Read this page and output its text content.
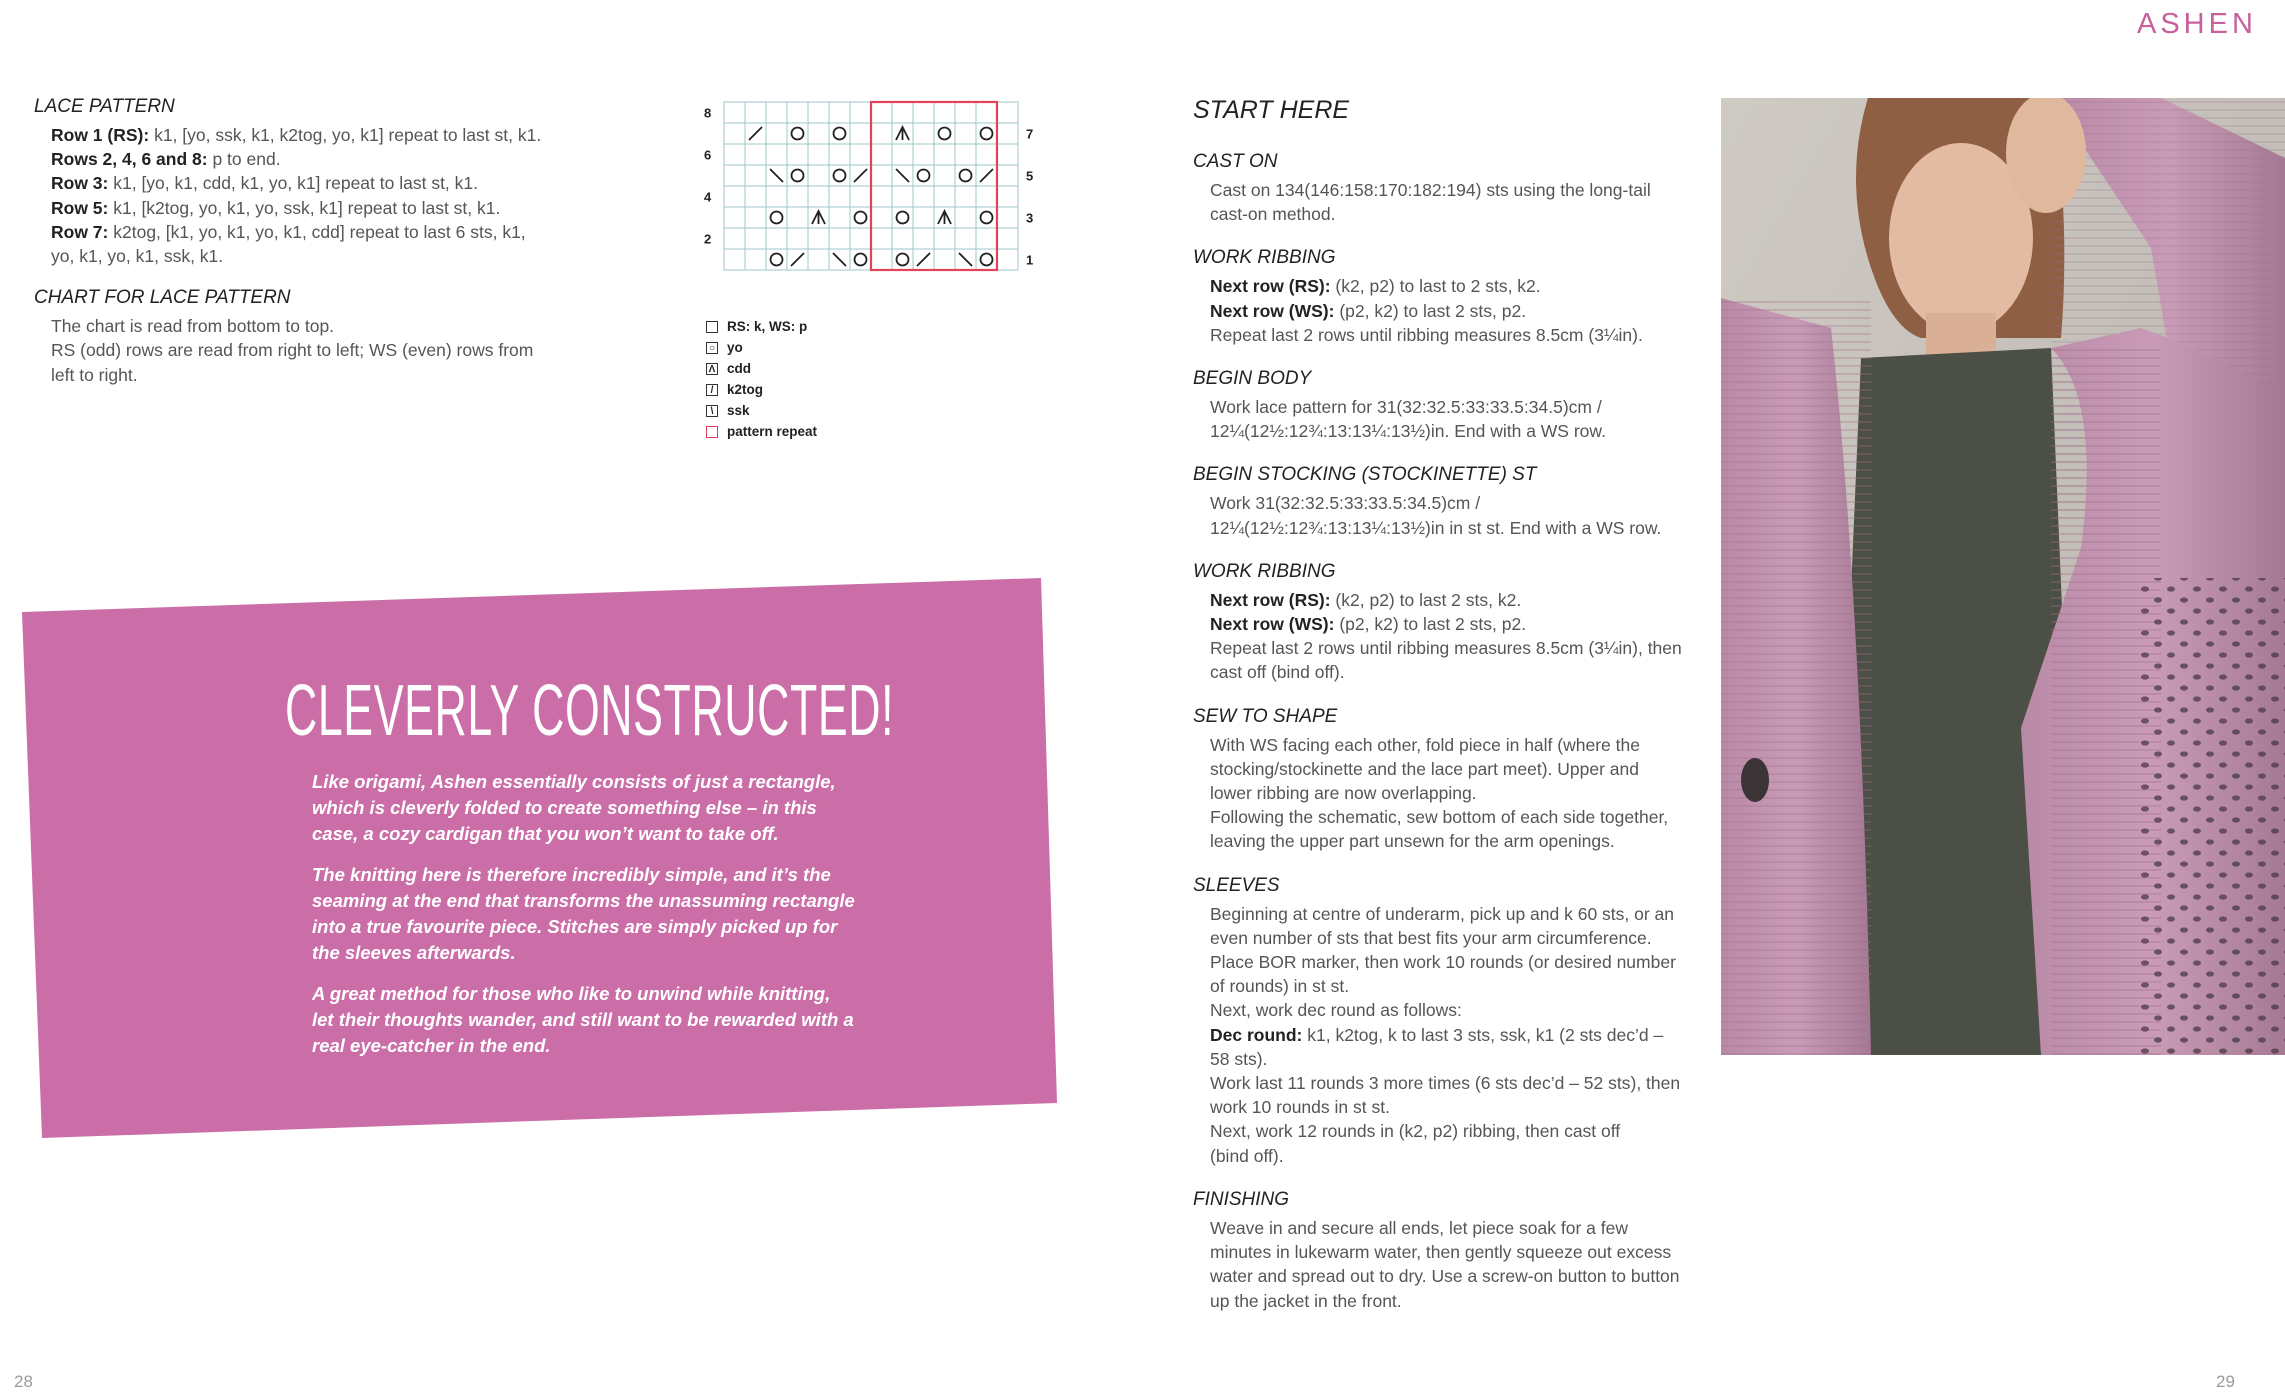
LACE PATTERN
Row 1 (RS): k1, [yo, ssk, k1, k2tog, yo, k1] repeat to last st, k1.
Rows 2, 4, 6 and 8: p to end.
Row 3: k1, [yo, k1, cdd, k1, yo, k1] repeat to last st, k1.
Row 5: k1, [k2tog, yo, k1, yo, ssk, k1] repeat to last st, k1.
Row 7: k2tog, [k1, yo, k1, yo, k1, cdd] repeat to last 6 sts, k1,
yo, k1, yo, k1, ssk, k1.
CHART FOR LACE PATTERN
The chart is read from bottom to top.
RS (odd) rows are read from right to left; WS (even) rows from
left to right.
8
6
4
2
7
5
3
1
RS: k, WS: p
○ yo
Λ cdd
/	k2tog
\	ssk
pattern repeat
CLEVERLY CONSTRUCTED!

Like origami, Ashen essentially consists of just a rectangle, which is cleverly folded to create something else – in this case, a cozy cardigan that you won’t want to take off.

The knitting here is therefore incredibly simple, and it’s the seaming at the end that transforms the unassuming rectangle into a true favourite piece. Stitches are simply picked up for the sleeves afterwards.

A great method for those who like to unwind while knitting, let their thoughts wander, and still want to be rewarded with a real eye-catcher in the end.

28
ASHEN
START HERE
CAST ON
Cast on 134(146:158:170:182:194) sts using the long-tail
cast-on method.
WORK RIBBING
Next row (RS): (k2, p2) to last to 2 sts, k2.
Next row (WS): (p2, k2) to last 2 sts, p2.
Repeat last 2 rows until ribbing measures 8.5cm (3¼in).
BEGIN BODY
Work lace pattern for 31(32:32.5:33:33.5:34.5)cm /
12¼(12½:12¾:13:13¼:13½)in. End with a WS row.
BEGIN STOCKING (STOCKINETTE) ST
Work 31(32:32.5:33:33.5:34.5)cm /
12¼(12½:12¾:13:13¼:13½)in in st st. End with a WS row.
WORK RIBBING
Next row (RS): (k2, p2) to last 2 sts, k2.
Next row (WS): (p2, k2) to last 2 sts, p2.
Repeat last 2 rows until ribbing measures 8.5cm (3¼in), then
cast off (bind off).
SEW TO SHAPE
With WS facing each other, fold piece in half (where the
stocking/stockinette and the lace part meet). Upper and
lower ribbing are now overlapping.
Following the schematic, sew bottom of each side together,
leaving the upper part unsewn for the arm openings.
SLEEVES
Beginning at centre of underarm, pick up and k 60 sts, or an
even number of sts that best fits your arm circumference.
Place BOR marker, then work 10 rounds (or desired number
of rounds) in st st.
Next, work dec round as follows:
Dec round: k1, k2tog, k to last 3 sts, ssk, k1 (2 sts dec’d –
58 sts).
Work last 11 rounds 3 more times (6 sts dec’d – 52 sts), then
work 10 rounds in st st.
Next, work 12 rounds in (k2, p2) ribbing, then cast off
(bind off).
FINISHING
Weave in and secure all ends, let piece soak for a few
minutes in lukewarm water, then gently squeeze out excess
water and spread out to dry. Use a screw-on button to button
up the jacket in the front.
29
